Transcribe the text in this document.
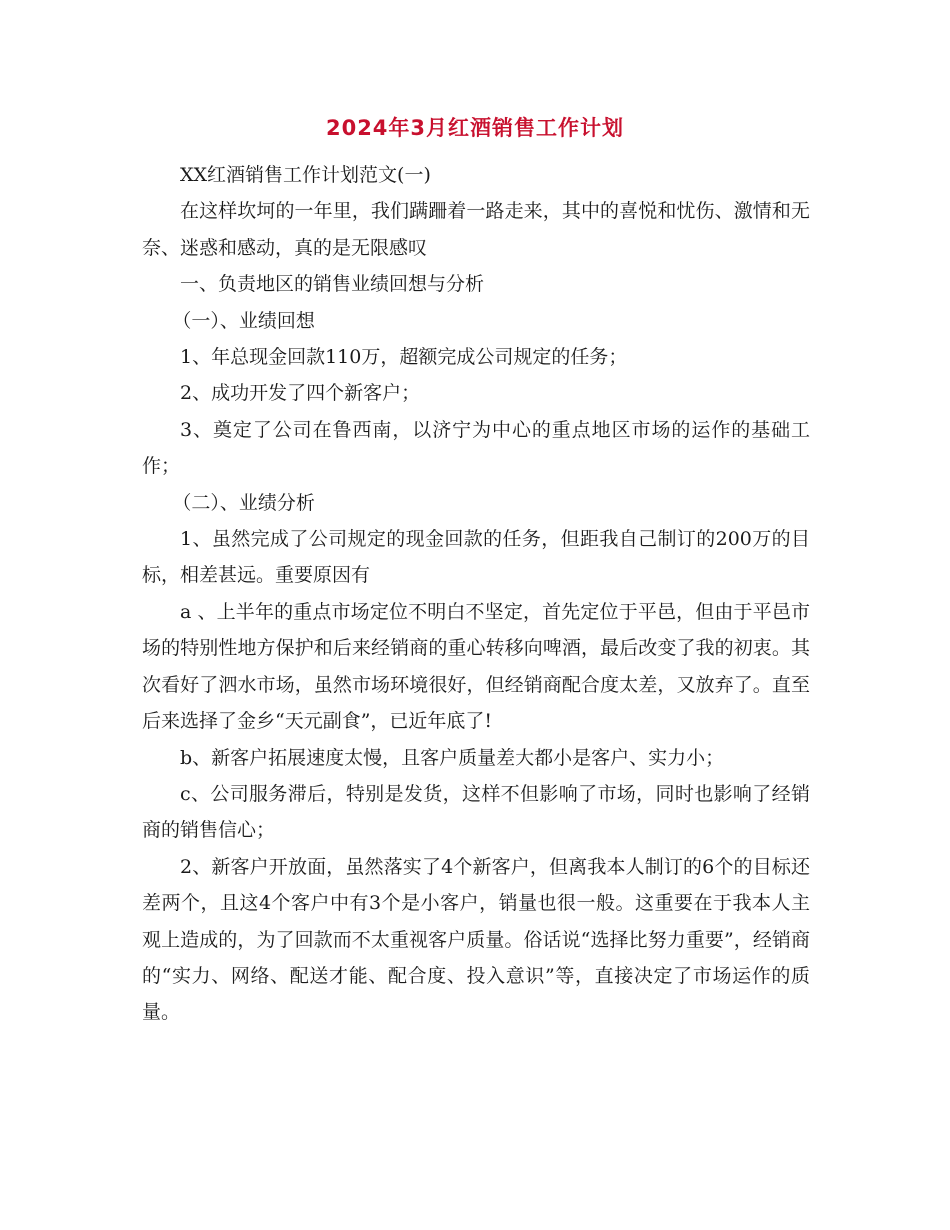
2024年3月红酒销售工作计划

XX红酒销售工作计划范文(一)

在这样坎坷的一年里，我们蹒跚着一路走来，其中的喜悦和忧伤、激情和无奈、迷惑和感动，真的是无限感叹

一、负责地区的销售业绩回想与分析

（一）、业绩回想

1、年总现金回款110万，超额完成公司规定的任务；

2、成功开发了四个新客户；

3、奠定了公司在鲁西南，以济宁为中心的重点地区市场的运作的基础工作；

（二）、业绩分析

1、虽然完成了公司规定的现金回款的任务，但距我自己制订的200万的目标，相差甚远。重要原因有

a 、上半年的重点市场定位不明白不坚定，首先定位于平邑，但由于平邑市场的特别性地方保护和后来经销商的重心转移向啤酒，最后改变了我的初衷。其次看好了泗水市场，虽然市场环境很好，但经销商配合度太差，又放弃了。直至后来选择了金乡“天元副食”，已近年底了!

b、新客户拓展速度太慢，且客户质量差大都小是客户、实力小；

c、公司服务滞后，特别是发货，这样不但影响了市场，同时也影响了经销商的销售信心；

2、新客户开放面，虽然落实了4个新客户，但离我本人制订的6个的目标还差两个，且这4个客户中有3个是小客户，销量也很一般。这重要在于我本人主观上造成的，为了回款而不太重视客户质量。俗话说“选择比努力重要”，经销商的“实力、网络、配送才能、配合度、投入意识”等，直接决定了市场运作的质量。
